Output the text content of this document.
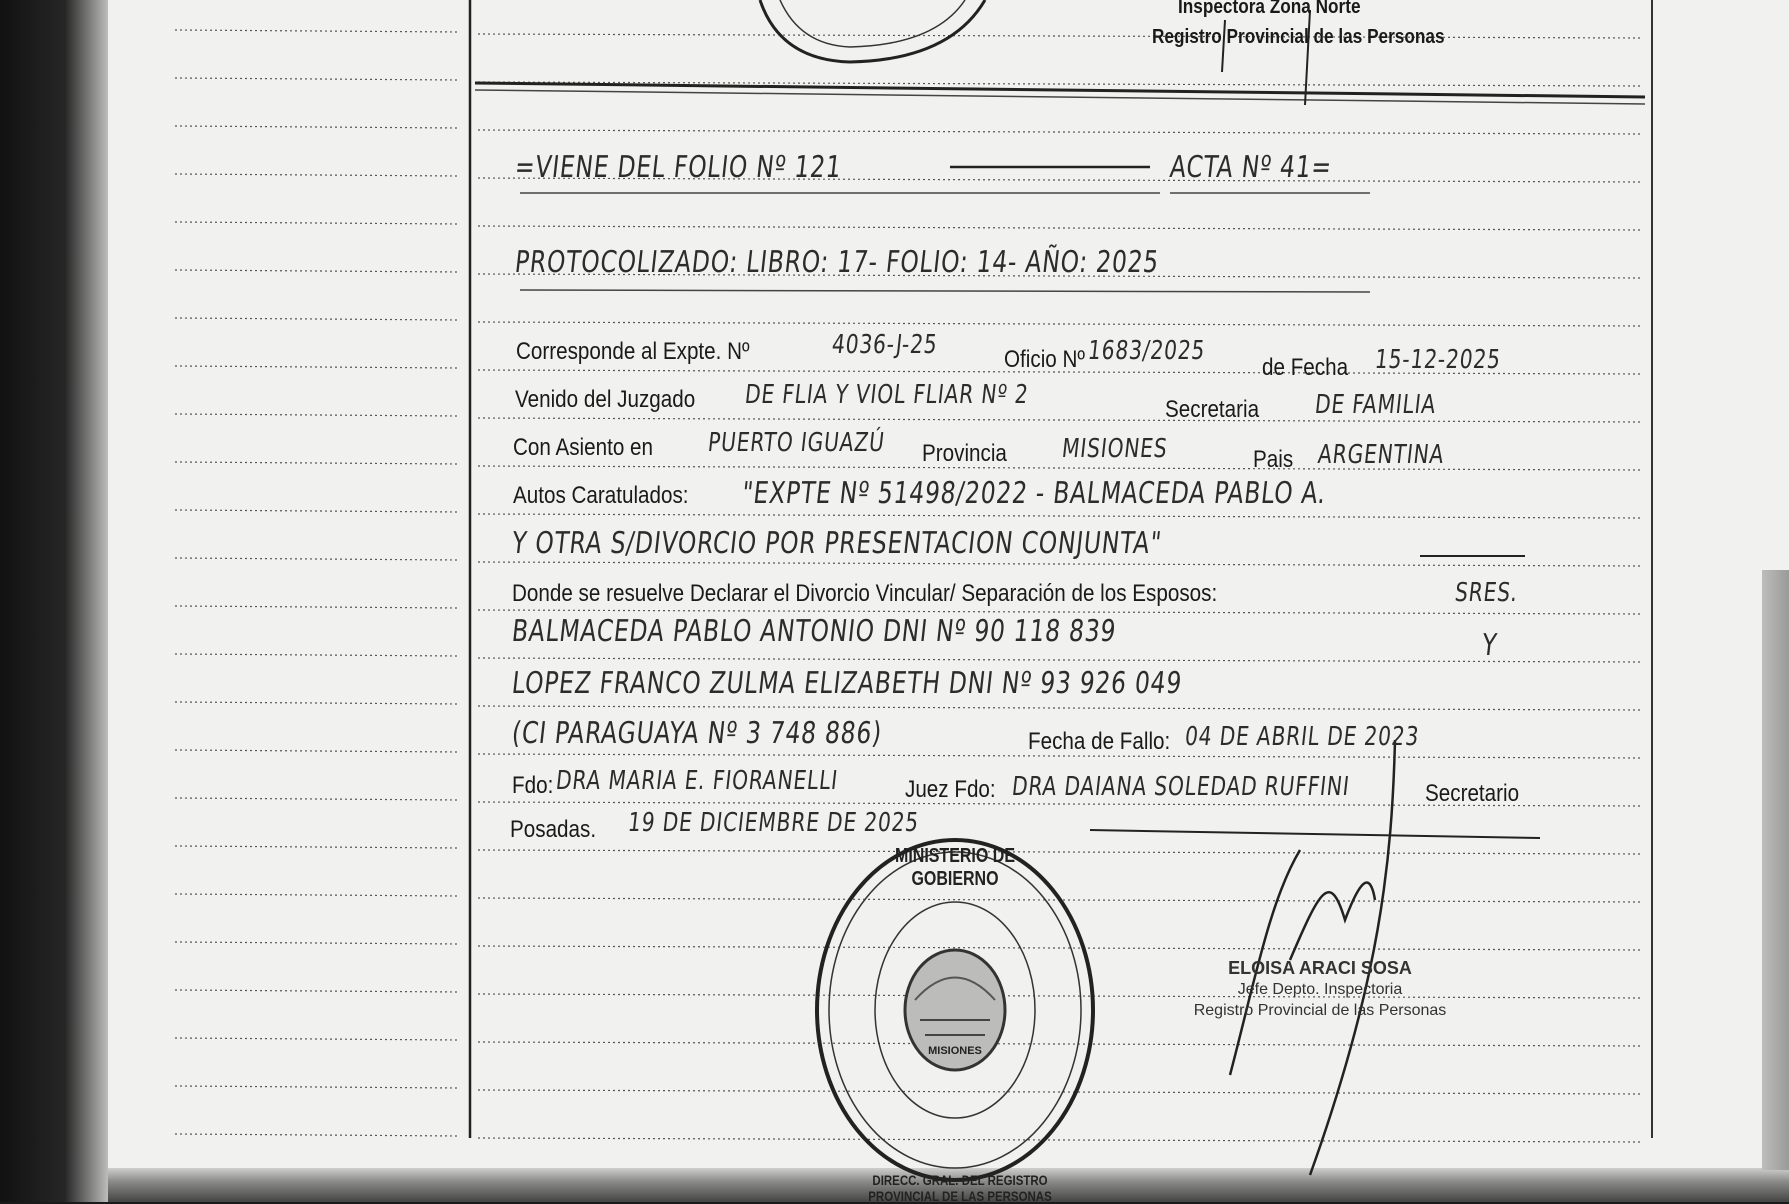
Inspectora Zona Norte
Registro Provincial de las Personas
=VIENE DEL FOLIO Nº 121	ACTA Nº 41=
PROTOCOLIZADO: LIBRO: 17- FOLIO: 14- AÑO: 2025
Corresponde al Expte. Nº	4036-J-25	Oficio Nº 1683/2025
de Fecha 15-12-2025
Venido del Juzgado DE FLIA Y VIOL FLIAR Nº 2	Secretaria DE FAMILIA
Con Asiento en PUERTO IGUAZÚ Provincia MISIONES	Pais ARGENTINA
Autos Caratulados: "EXPTE Nº 51498/2022 - BALMACEDA PABLO A.
Y OTRA S/DIVORCIO POR PRESENTACION CONJUNTA"
Donde se resuelve Declarar el Divorcio Vincular/ Separación de los Esposos:	SRES.
BALMACEDA PABLO ANTONIO DNI Nº 90 118 839	Y
LOPEZ FRANCO ZULMA ELIZABETH DNI Nº 93 926 049
(CI PARAGUAYA Nº 3 748 886)	Fecha de Fallo: 04 DE ABRIL DE 2023
Fdo: DRA MARIA E. FIORANELLI	Juez Fdo: DRA DAIANA SOLEDAD RUFFINI	Secretario
Posadas. 19 DE DICIEMBRE DE 2025
MINISTERIO DE GOBIERNO
MISIONES
DIRECC. GRAL. DEL REGISTRO PROVINCIAL DE LAS PERSONAS
ELOISA ARACI SOSA
Jefe Depto. Inspectoria
Registro Provincial de las Personas
